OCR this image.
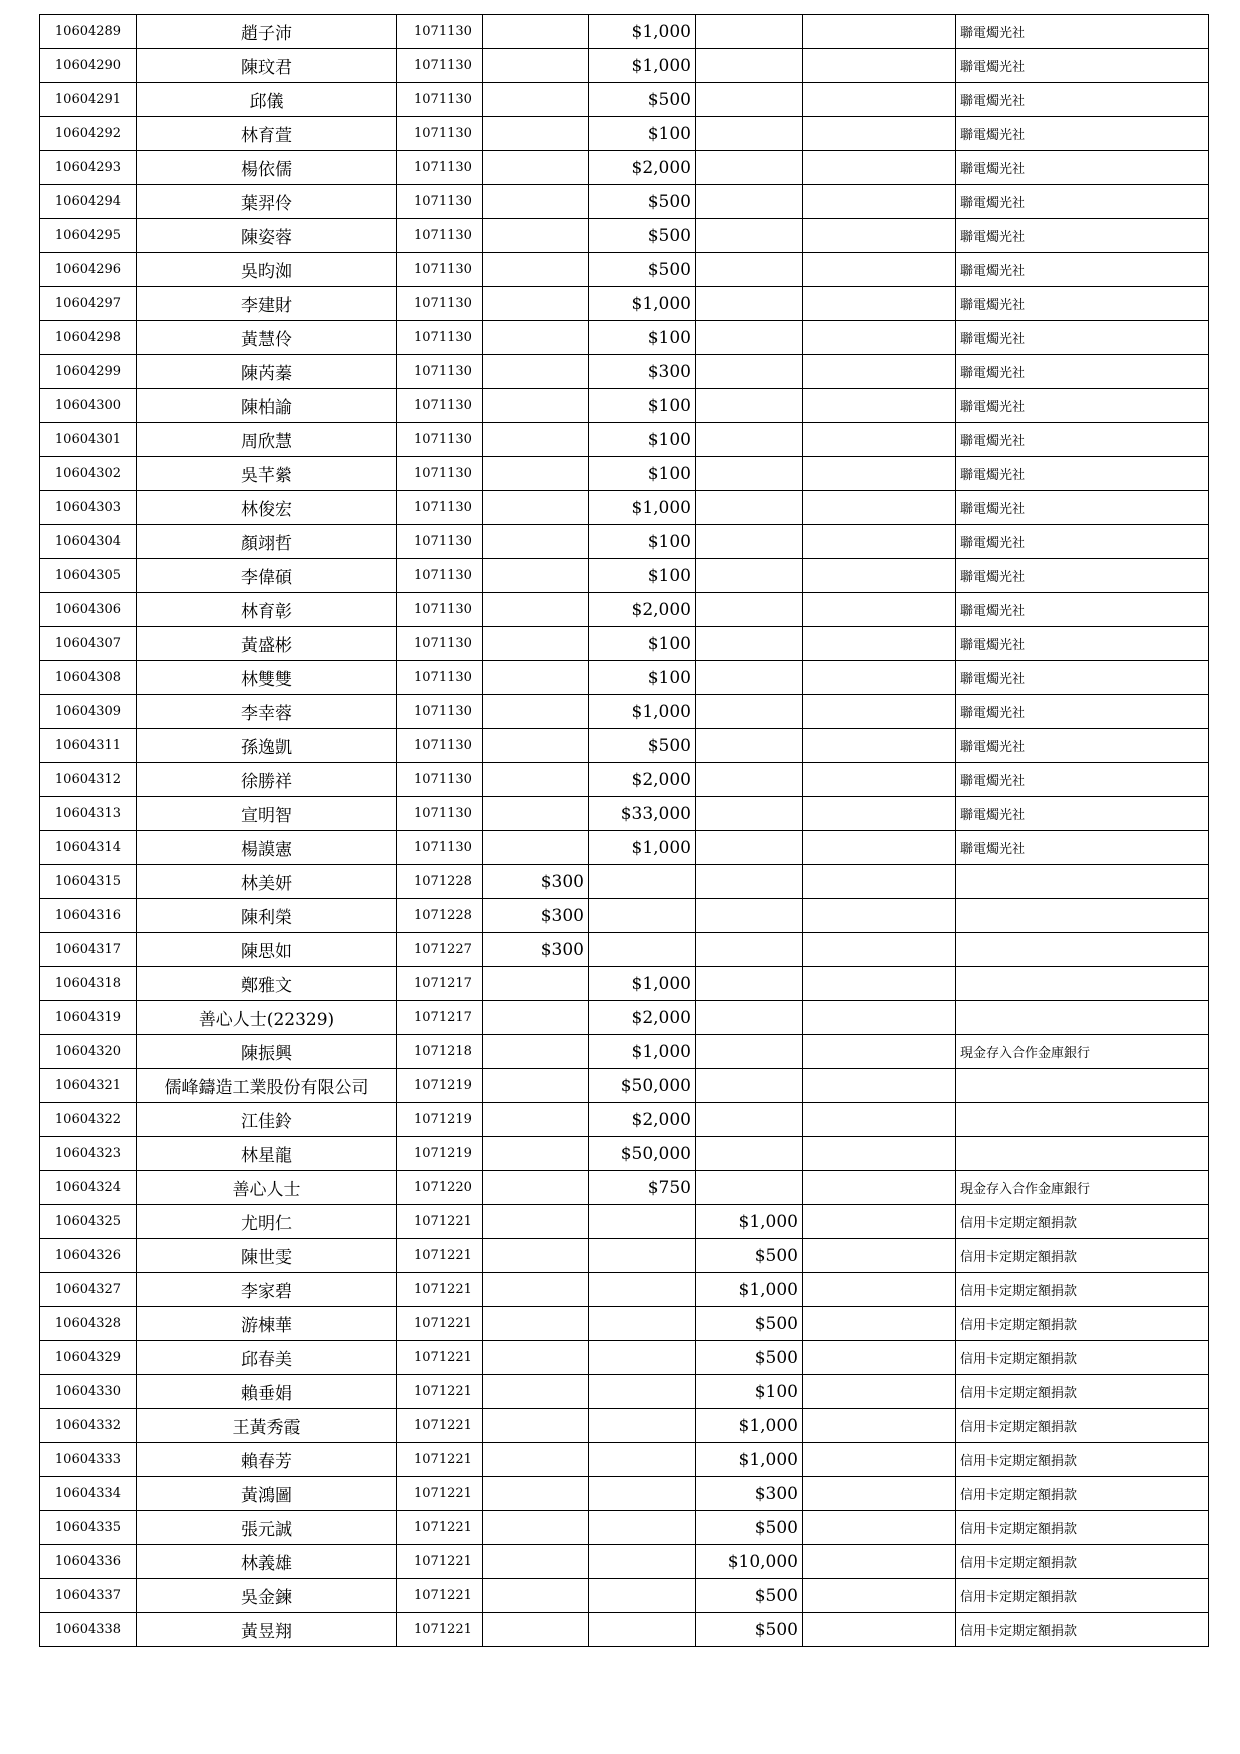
10604289	趙子沛	1071130		$1,000			聯電燭光社
10604290	陳玟君	1071130		$1,000			聯電燭光社
10604291	邱儀	1071130		$500			聯電燭光社
10604292	林育萱	1071130		$100			聯電燭光社
10604293	楊依儒	1071130		$2,000			聯電燭光社
10604294	葉羿伶	1071130		$500			聯電燭光社
10604295	陳姿蓉	1071130		$500			聯電燭光社
10604296	吳昀洳	1071130		$500			聯電燭光社
10604297	李建財	1071130		$1,000			聯電燭光社
10604298	黃慧伶	1071130		$100			聯電燭光社
10604299	陳芮蓁	1071130		$300			聯電燭光社
10604300	陳柏諭	1071130		$100			聯電燭光社
10604301	周欣慧	1071130		$100			聯電燭光社
10604302	吳芊縈	1071130		$100			聯電燭光社
10604303	林俊宏	1071130		$1,000			聯電燭光社
10604304	顏翊哲	1071130		$100			聯電燭光社
10604305	李偉碩	1071130		$100			聯電燭光社
10604306	林育彰	1071130		$2,000			聯電燭光社
10604307	黃盛彬	1071130		$100			聯電燭光社
10604308	林雙雙	1071130		$100			聯電燭光社
10604309	李幸蓉	1071130		$1,000			聯電燭光社
10604311	孫逸凱	1071130		$500			聯電燭光社
10604312	徐勝祥	1071130		$2,000			聯電燭光社
10604313	宣明智	1071130		$33,000			聯電燭光社
10604314	楊謨憲	1071130		$1,000			聯電燭光社
10604315	林美妍	1071228	$300				
10604316	陳利榮	1071228	$300				
10604317	陳思如	1071227	$300				
10604318	鄭雅文	1071217		$1,000			
10604319	善心人士(22329)	1071217		$2,000			
10604320	陳振興	1071218		$1,000			現金存入合作金庫銀行
10604321	儒峰鑄造工業股份有限公司	1071219		$50,000			
10604322	江佳鈴	1071219		$2,000			
10604323	林星龍	1071219		$50,000			
10604324	善心人士	1071220		$750			現金存入合作金庫銀行
10604325	尤明仁	1071221			$1,000		信用卡定期定額捐款
10604326	陳世雯	1071221			$500		信用卡定期定額捐款
10604327	李家碧	1071221			$1,000		信用卡定期定額捐款
10604328	游棟華	1071221			$500		信用卡定期定額捐款
10604329	邱春美	1071221			$500		信用卡定期定額捐款
10604330	賴垂娟	1071221			$100		信用卡定期定額捐款
10604332	王黃秀霞	1071221			$1,000		信用卡定期定額捐款
10604333	賴春芳	1071221			$1,000		信用卡定期定額捐款
10604334	黃鴻圖	1071221			$300		信用卡定期定額捐款
10604335	張元誠	1071221			$500		信用卡定期定額捐款
10604336	林義雄	1071221			$10,000		信用卡定期定額捐款
10604337	吳金鍊	1071221			$500		信用卡定期定額捐款
10604338	黃昱翔	1071221			$500		信用卡定期定額捐款
